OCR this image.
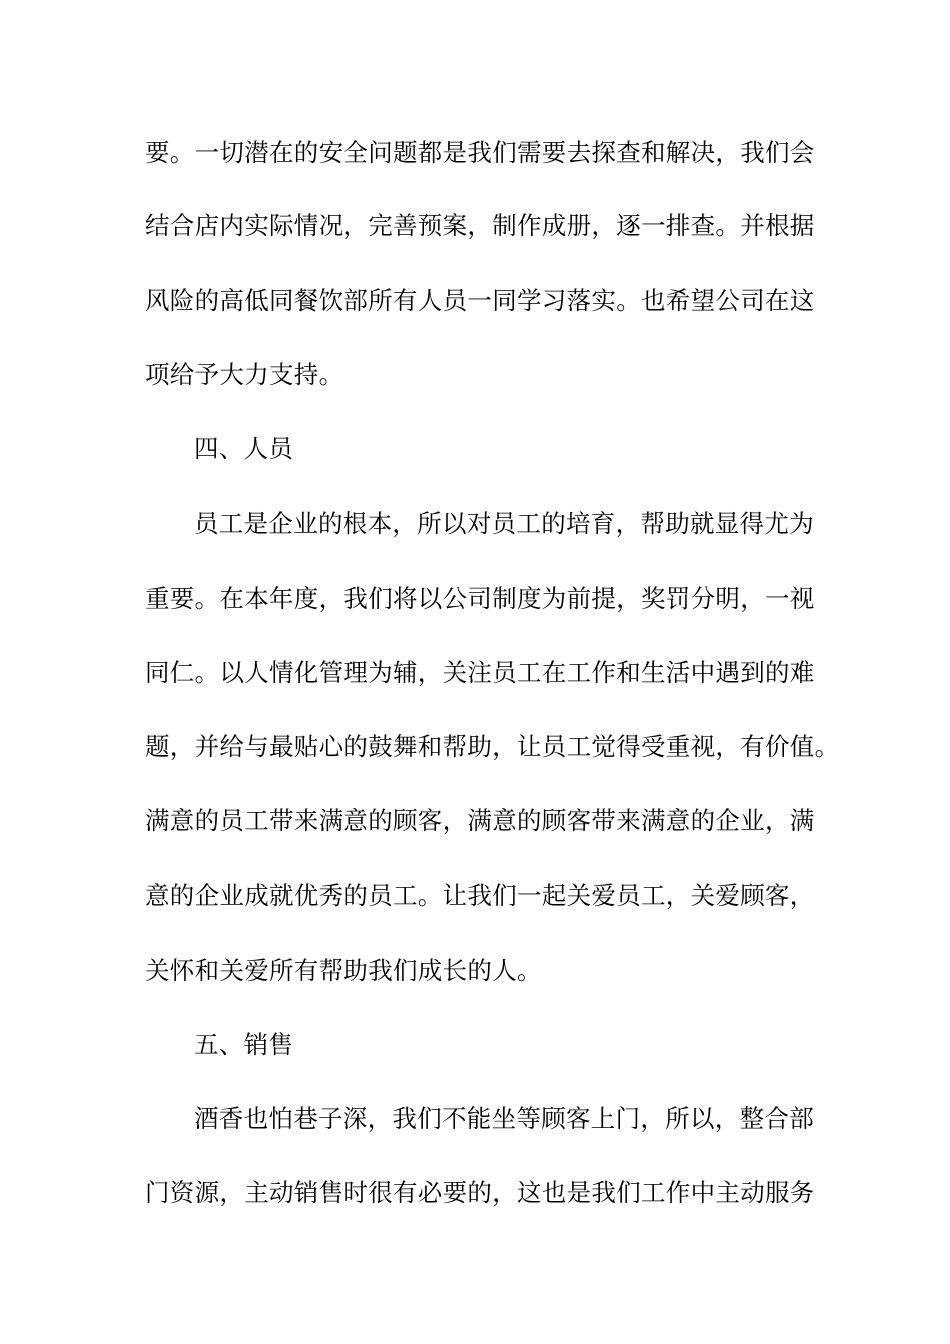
要。一切潜在的安全问题都是我们需要去探查和解决，我们会
结合店内实际情况，完善预案，制作成册，逐一排查。并根据
风险的高低同餐饮部所有人员一同学习落实。也希望公司在这
项给予大力支持。
四、人员
员工是企业的根本，所以对员工的培育，帮助就显得尤为
重要。在本年度，我们将以公司制度为前提，奖罚分明，一视
同仁。以人情化管理为辅，关注员工在工作和生活中遇到的难
题，并给与最贴心的鼓舞和帮助，让员工觉得受重视，有价值。
满意的员工带来满意的顾客，满意的顾客带来满意的企业，满
意的企业成就优秀的员工。让我们一起关爱员工，关爱顾客，
关怀和关爱所有帮助我们成长的人。
五、销售
酒香也怕巷子深，我们不能坐等顾客上门，所以，整合部
门资源，主动销售时很有必要的，这也是我们工作中主动服务
